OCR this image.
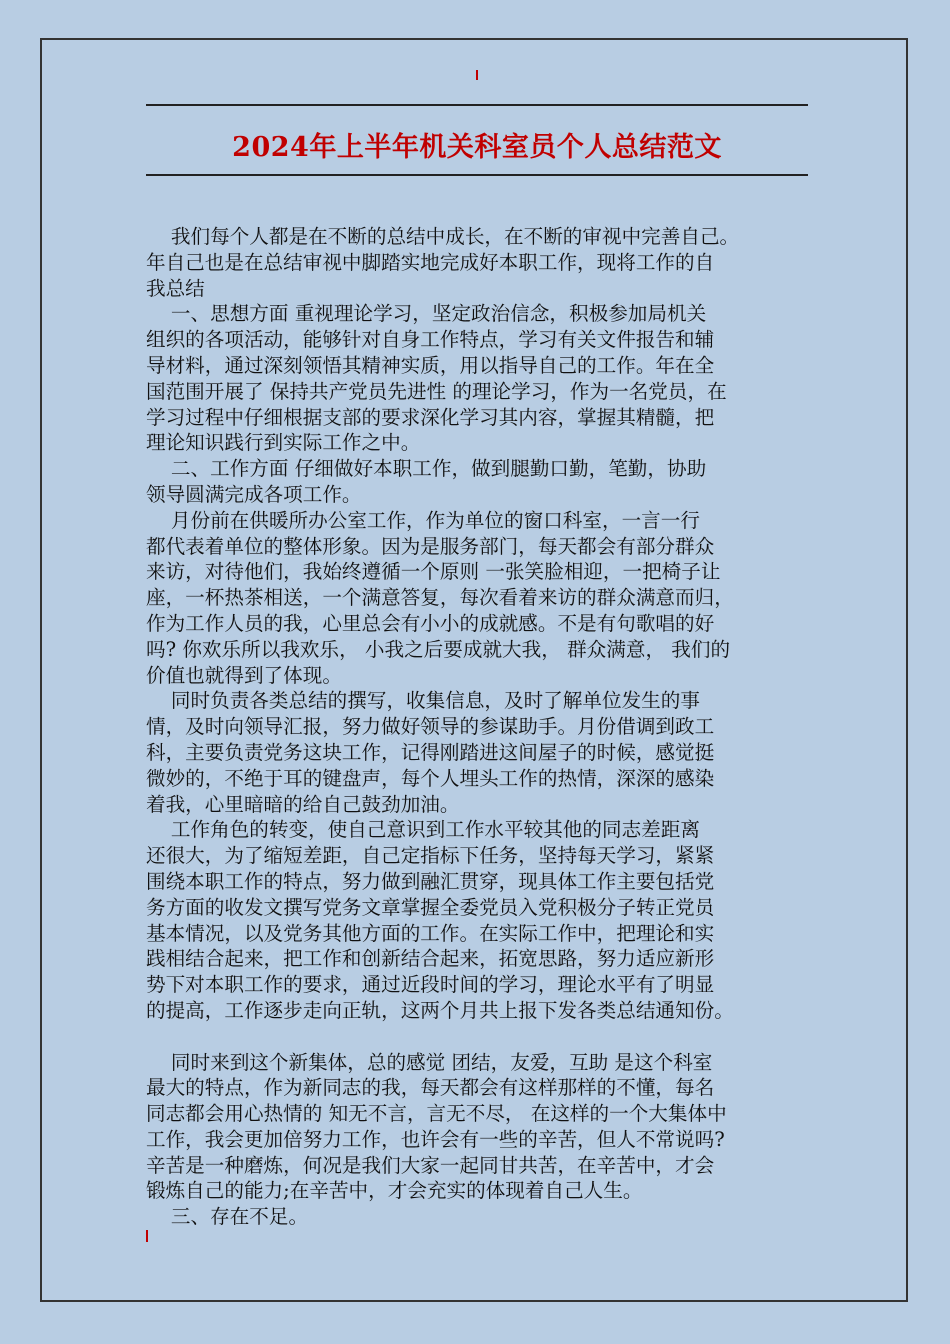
2024年上半年机关科室员个人总结范文
我们每个人都是在不断的总结中成长，在不断的审视中完善自己。
年自己也是在总结审视中脚踏实地完成好本职工作，现将工作的自
我总结
一、思想方面 重视理论学习，坚定政治信念，积极参加局机关
组织的各项活动，能够针对自身工作特点，学习有关文件报告和辅
导材料，通过深刻领悟其精神实质，用以指导自己的工作。年在全
国范围开展了 保持共产党员先进性 的理论学习，作为一名党员，在
学习过程中仔细根据支部的要求深化学习其内容，掌握其精髓，把
理论知识践行到实际工作之中。
二、工作方面 仔细做好本职工作，做到腿勤口勤，笔勤，协助
领导圆满完成各项工作。
月份前在供暖所办公室工作，作为单位的窗口科室，一言一行
都代表着单位的整体形象。因为是服务部门，每天都会有部分群众
来访，对待他们，我始终遵循一个原则 一张笑脸相迎，一把椅子让
座，一杯热茶相送，一个满意答复，每次看着来访的群众满意而归，
作为工作人员的我，心里总会有小小的成就感。不是有句歌唱的好
吗? 你欢乐所以我欢乐， 小我之后要成就大我， 群众满意， 我们的
价值也就得到了体现。
同时负责各类总结的撰写，收集信息，及时了解单位发生的事
情，及时向领导汇报，努力做好领导的参谋助手。月份借调到政工
科，主要负责党务这块工作，记得刚踏进这间屋子的时候，感觉挺
微妙的，不绝于耳的键盘声，每个人埋头工作的热情，深深的感染
着我，心里暗暗的给自己鼓劲加油。
工作角色的转变，使自己意识到工作水平较其他的同志差距离
还很大，为了缩短差距，自己定指标下任务，坚持每天学习，紧紧
围绕本职工作的特点，努力做到融汇贯穿，现具体工作主要包括党
务方面的收发文撰写党务文章掌握全委党员入党积极分子转正党员
基本情况，以及党务其他方面的工作。在实际工作中，把理论和实
践相结合起来，把工作和创新结合起来，拓宽思路，努力适应新形
势下对本职工作的要求，通过近段时间的学习，理论水平有了明显
的提高，工作逐步走向正轨，这两个月共上报下发各类总结通知份。
同时来到这个新集体，总的感觉 团结，友爱，互助 是这个科室
最大的特点，作为新同志的我，每天都会有这样那样的不懂，每名
同志都会用心热情的 知无不言，言无不尽， 在这样的一个大集体中
工作，我会更加倍努力工作，也许会有一些的辛苦，但人不常说吗?
辛苦是一种磨炼，何况是我们大家一起同甘共苦，在辛苦中，才会
锻炼自己的能力;在辛苦中，才会充实的体现着自己人生。
三、存在不足。
